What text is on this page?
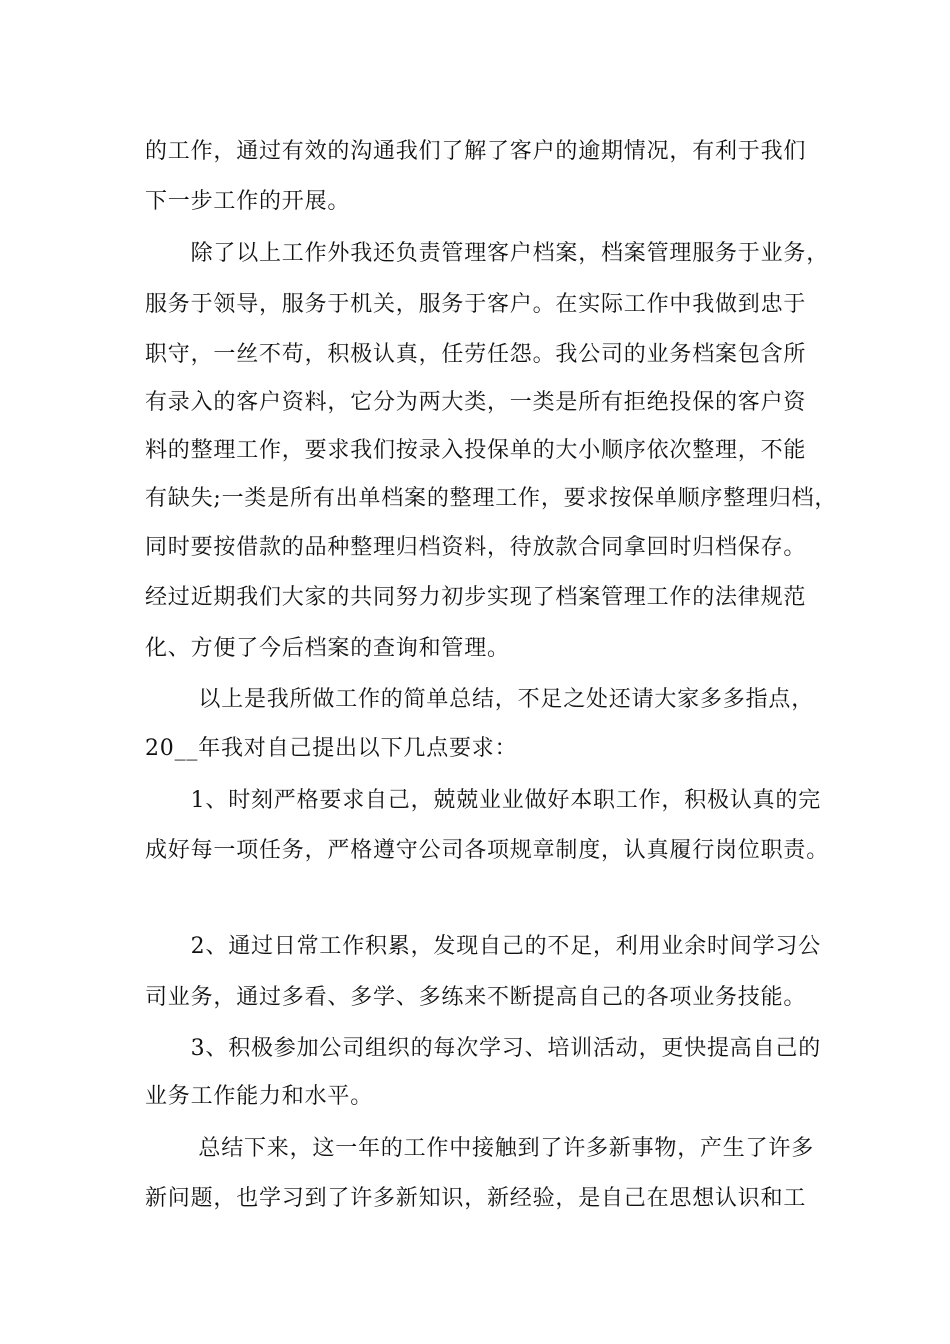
的工作，通过有效的沟通我们了解了客户的逾期情况，有利于我们

下一步工作的开展。

　　除了以上工作外我还负责管理客户档案，档案管理服务于业务，

服务于领导，服务于机关，服务于客户。在实际工作中我做到忠于

职守，一丝不苟，积极认真，任劳任怨。我公司的业务档案包含所

有录入的客户资料，它分为两大类，一类是所有拒绝投保的客户资

料的整理工作，要求我们按录入投保单的大小顺序依次整理，不能

有缺失;一类是所有出单档案的整理工作，要求按保单顺序整理归档，

同时要按借款的品种整理归档资料，待放款合同拿回时归档保存。

经过近期我们大家的共同努力初步实现了档案管理工作的法律规范

化、方便了今后档案的查询和管理。

　　 以上是我所做工作的简单总结，不足之处还请大家多多指点，

20__年我对自己提出以下几点要求：

　　1、时刻严格要求自己，兢兢业业做好本职工作，积极认真的完

成好每一项任务，严格遵守公司各项规章制度，认真履行岗位职责。

　　2、通过日常工作积累，发现自己的不足，利用业余时间学习公

司业务，通过多看、多学、多练来不断提高自己的各项业务技能。

　　3、积极参加公司组织的每次学习、培训活动，更快提高自己的

业务工作能力和水平。

　　 总结下来，这一年的工作中接触到了许多新事物，产生了许多

新问题，也学习到了许多新知识，新经验，是自己在思想认识和工
